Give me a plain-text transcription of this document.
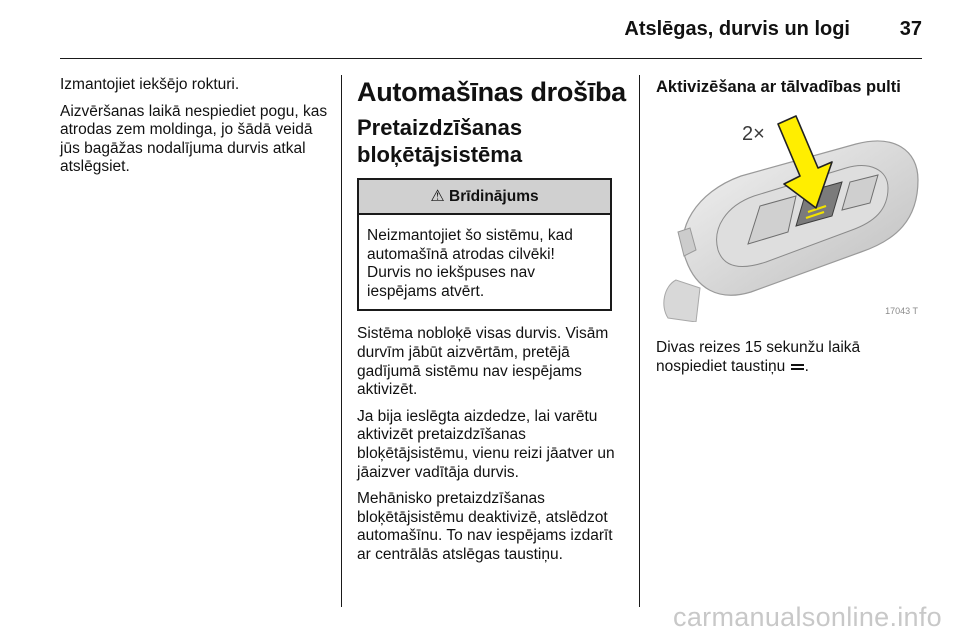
Atslēgas, durvis un logi	37

Izmantojiet iekšējo rokturi.

Aizvēršanas laikā nespiediet pogu, kas atrodas zem moldinga, jo šādā veidā jūs bagāžas nodalījuma durvis atkal atslēgsiet.

Automašīnas drošība
Pretaizdzīšanas bloķētājsistēma
⚠ Brīdinājums
Neizmantojiet šo sistēmu, kad automašīnā atrodas cilvēki! Durvis no iekšpuses nav iespējams atvērt.

Sistēma nobloķē visas durvis. Visām durvīm jābūt aizvērtām, pretējā gadījumā sistēmu nav iespējams aktivizēt.

Ja bija ieslēgta aizdedze, lai varētu aktivizēt pretaizdzīšanas bloķētājsistēmu, vienu reizi jāatver un jāaizver vadītāja durvis.

Mehānisko pretaizdzīšanas bloķētājsistēmu deaktivizē, atslēdzot automašīnu. To nav iespējams izdarīt ar centrālās atslēgas taustiņu.

Aktivizēšana ar tālvadības pulti
2×
17043 T

Divas reizes 15 sekunžu laikā nospiediet taustiņu .

carmanualsonline.info
